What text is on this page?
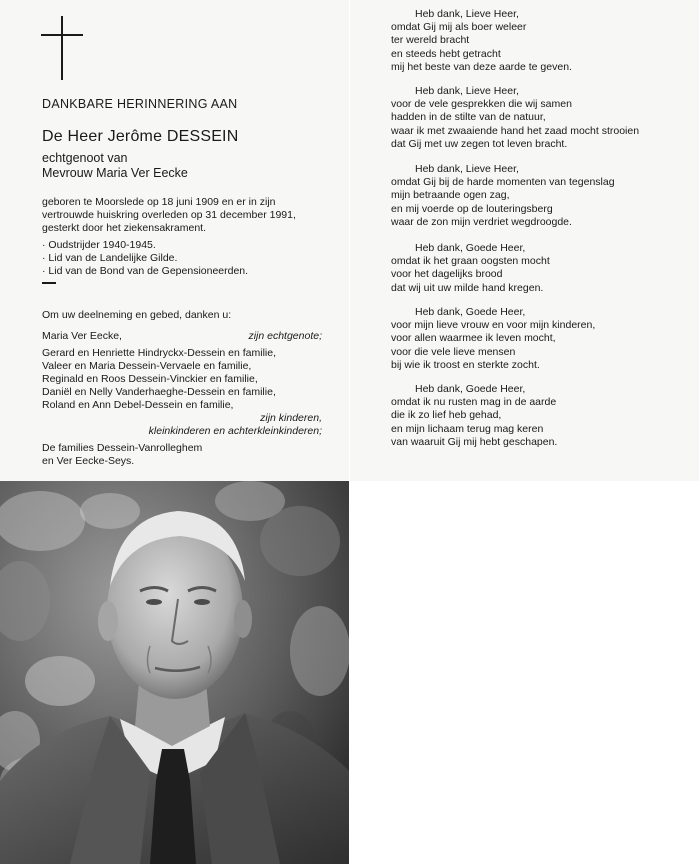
DANKBARE HERINNERING AAN
De Heer Jerôme DESSEIN
echtgenoot van
Mevrouw Maria Ver Eecke
geboren te Moorslede op 18 juni 1909 en er in zijn
vertrouwde huiskring overleden op 31 december 1991,
gesterkt door het ziekensakrament.
· Oudstrijder 1940-1945.
· Lid van de Landelijke Gilde.
· Lid van de Bond van de Gepensioneerden.
Om uw deelneming en gebed, danken u:
Maria Ver Eecke,	zijn echtgenote;
Gerard en Henriette Hindryckx-Dessein en familie,
Valeer en Maria Dessein-Vervaele en familie,
Reginald en Roos Dessein-Vinckier en familie,
Daniël en Nelly Vanderhaeghe-Dessein en familie,
Roland en Ann Debel-Dessein en familie,
zijn kinderen,
kleinkinderen en achterkleinkinderen;
De families Dessein-Vanrolleghem
en Ver Eecke-Seys.
Heb dank, Lieve Heer,
omdat Gij mij als boer weleer
ter wereld bracht
en steeds hebt getracht
mij het beste van deze aarde te geven.
Heb dank, Lieve Heer,
voor de vele gesprekken die wij samen
hadden in de stilte van de natuur,
waar ik met zwaaiende hand het zaad mocht strooien
dat Gij met uw zegen tot leven bracht.
Heb dank, Lieve Heer,
omdat Gij bij de harde momenten van tegenslag
mijn betraande ogen zag,
en mij voerde op de louteringsberg
waar de zon mijn verdriet wegdroogde.
Heb dank, Goede Heer,
omdat ik het graan oogsten mocht
voor het dagelijks brood
dat wij uit uw milde hand kregen.
Heb dank, Goede Heer,
voor mijn lieve vrouw en voor mijn kinderen,
voor allen waarmee ik leven mocht,
voor die vele lieve mensen
bij wie ik troost en sterkte zocht.
Heb dank, Goede Heer,
omdat ik nu rusten mag in de aarde
die ik zo lief heb gehad,
en mijn lichaam terug mag keren
van waaruit Gij mij hebt geschapen.
